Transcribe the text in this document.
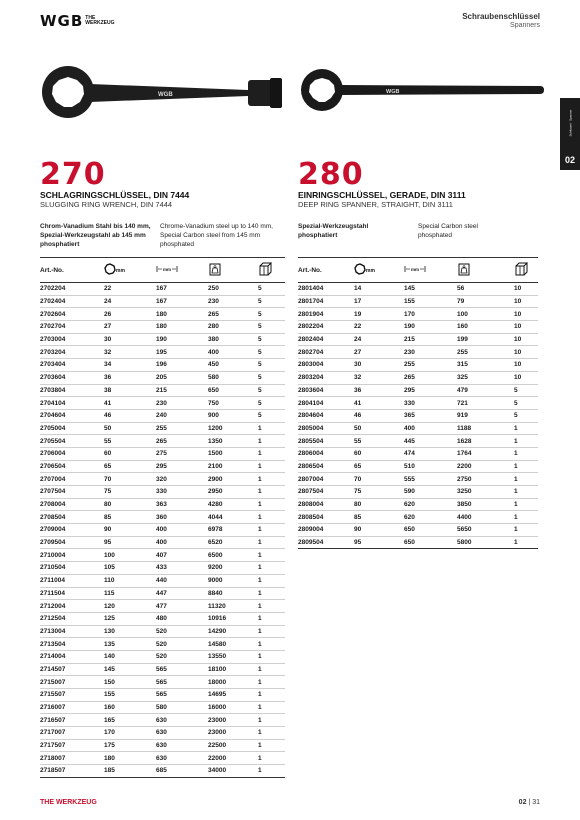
WGB THE
WERKZEUG
Schraubenschlüssel
Spanners
Schlüssel · Spanner
02
WGB	WGB
270
SCHLAGRINGSCHLÜSSEL, DIN 7444
SLUGGING RING WRENCH, DIN 7444
Chrom-Vanadium Stahl bis 140 mm,
Spezial-Werkzeugstahl ab 145 mm
phosphatiert
Chrome-Vanadium steel up to 140 mm,
Special Carbon steel from 145 mm
phosphated
Art.-No.	mm	mm

2702204	22	167	250	5
2702404	24	167	230	5
2702604	26	180	265	5
2702704	27	180	280	5
2703004	30	190	380	5
2703204	32	195	400	5
2703404	34	196	450	5
2703604	36	205	580	5
2703804	38	215	650	5
2704104	41	230	750	5
2704604	46	240	900	5
2705004	50	255	1200	1
2705504	55	265	1350	1
2706004	60	275	1500	1
2706504	65	295	2100	1
2707004	70	320	2900	1
2707504	75	330	2950	1
2708004	80	363	4280	1
2708504	85	360	4044	1
2709004	90	400	6978	1
2709504	95	400	6520	1
2710004	100	407	6500	1
2710504	105	433	9200	1
2711004	110	440	9000	1
2711504	115	447	8840	1
2712004	120	477	11320	1
2712504	125	480	10916	1
2713004	130	520	14290	1
2713504	135	520	14580	1
2714004	140	520	13550	1
2714507	145	565	18100	1
2715007	150	565	18000	1
2715507	155	565	14695	1
2716007	160	580	16000	1
2716507	165	630	23000	1
2717007	170	630	23000	1
2717507	175	630	22500	1
2718007	180	630	22000	1
2718507	185	685	34000	1
280
EINRINGSCHLÜSSEL, GERADE, DIN 3111
DEEP RING SPANNER, STRAIGHT, DIN 3111
Spezial-Werkzeugstahl
phosphatiert
Special Carbon steel
phosphated
Art.-No.	mm	mm

2801404	14	145	56	10
2801704	17	155	79	10
2801904	19	170	100	10
2802204	22	190	160	10
2802404	24	215	199	10
2802704	27	230	255	10
2803004	30	255	315	10
2803204	32	265	325	10
2803604	36	295	479	5
2804104	41	330	721	5
2804604	46	365	919	5
2805004	50	400	1188	1
2805504	55	445	1628	1
2806004	60	474	1764	1
2806504	65	510	2200	1
2807004	70	555	2750	1
2807504	75	590	3250	1
2808004	80	620	3850	1
2808504	85	620	4400	1
2809004	90	650	5650	1
2809504	95	650	5800	1
THE WERKZEUG	02 | 31
